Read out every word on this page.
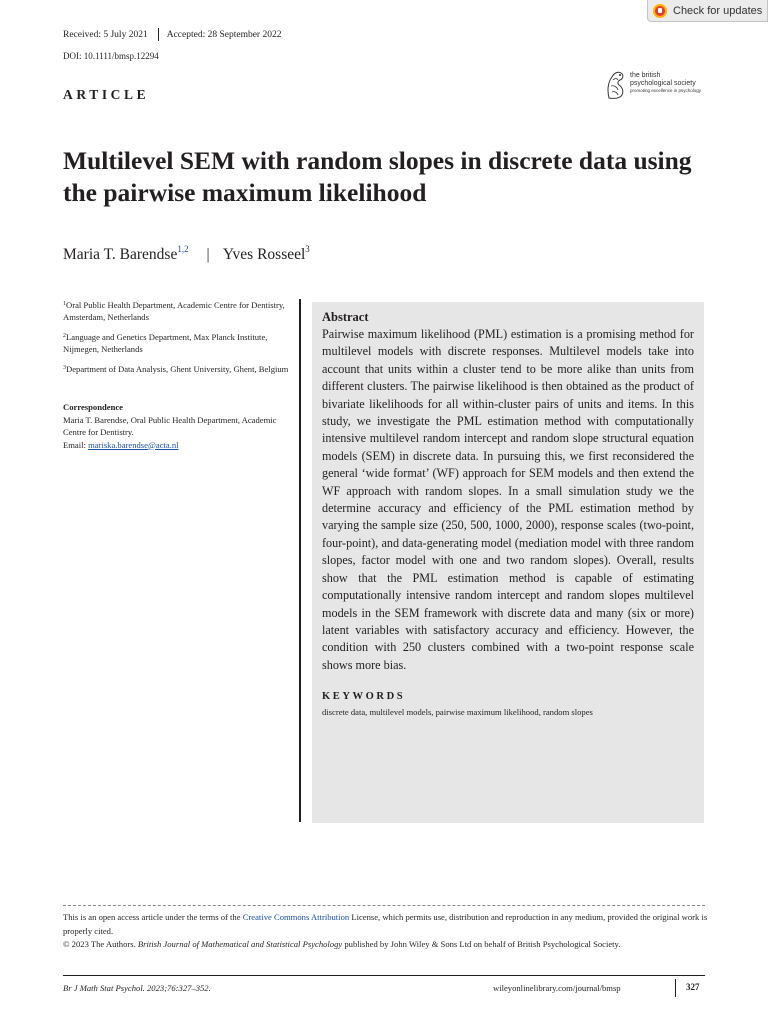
Check for updates
Received: 5 July 2021 Accepted: 28 September 2022
DOI: 10.1111/bmsp.12294
ARTICLE
the british
psychological society
promoting excellence in psychology
Multilevel SEM with random slopes in discrete data using the pairwise maximum likelihood
Maria T. Barendse$^{1,2}$ | Yves Rosseel$^3$

$^1$Oral Public Health Department, Academic Centre for Dentistry, Amsterdam, Netherlands

$^2$Language and Genetics Department, Max Planck Institute, Nijmegen, Netherlands

$^3$Department of Data Analysis, Ghent University, Ghent, Belgium

Correspondence
Maria T. Barendse, Oral Public Health Department, Academic Centre for Dentistry.
Email: mariska.barendse@acta.nl
Abstract
Pairwise maximum likelihood (PML) estimation is a promising method for multilevel models with discrete responses. Multilevel models take into account that units within a cluster tend to be more alike than units from different clusters. The pairwise likelihood is then obtained as the product of bivariate likelihoods for all within-cluster pairs of units and items. In this study, we investigate the PML estimation method with computationally intensive multilevel random intercept and random slope structural equation models (SEM) in discrete data. In pursuing this, we first reconsidered the general ‘wide format’ (WF) approach for SEM models and then extend the WF approach with random slopes. In a small simulation study we the determine accuracy and efficiency of the PML estimation method by varying the sample size (250, 500, 1000, 2000), response scales (two-point, four-point), and data-generating model (mediation model with three random slopes, factor model with one and two random slopes). Overall, results show that the PML estimation method is capable of estimating computationally intensive random intercept and random slopes multilevel models in the SEM framework with discrete data and many (six or more) latent variables with satisfactory accuracy and efficiency. However, the condition with 250 clusters combined with a two-point response scale shows more bias.
KEYWORDS
discrete data, multilevel models, pairwise maximum likelihood, random slopes
This is an open access article under the terms of the Creative Commons Attribution License, which permits use, distribution and reproduction in any medium, provided the original work is properly cited.
© 2023 The Authors. British Journal of Mathematical and Statistical Psychology published by John Wiley & Sons Ltd on behalf of British Psychological Society.
Br J Math Stat Psychol. 2023;76:327–352.	wileyonlinelibrary.com/journal/bmsp	327
